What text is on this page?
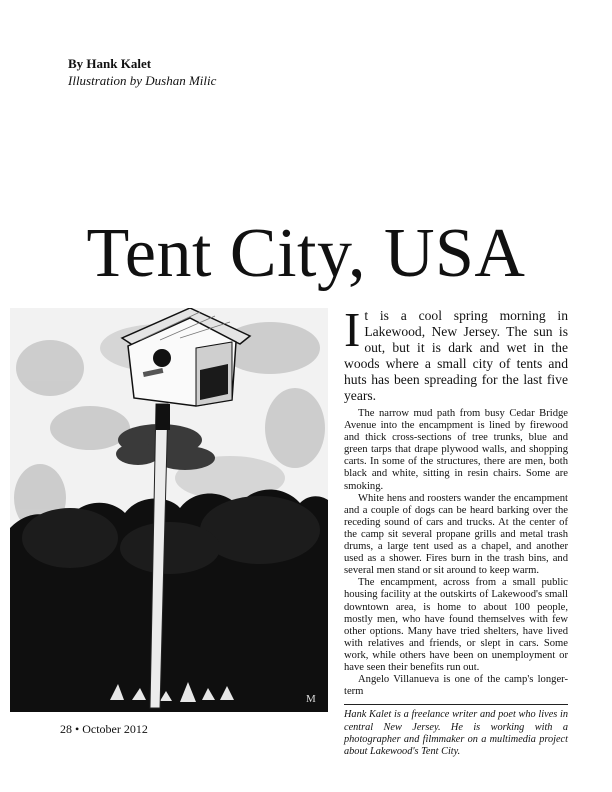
By Hank Kalet
Illustration by Dushan Milic
Tent City, USA
M

It is a cool spring morning in Lakewood, New Jersey. The sun is out, but it is dark and wet in the woods where a small city of tents and huts has been spreading for the last five years.

The narrow mud path from busy Cedar Bridge Avenue into the encampment is lined by firewood and thick cross-sections of tree trunks, blue and green tarps that drape plywood walls, and shopping carts. In some of the structures, there are men, both black and white, sitting in resin chairs. Some are smoking.

White hens and roosters wander the encampment and a couple of dogs can be heard barking over the receding sound of cars and trucks. At the center of the camp sit several propane grills and metal trash drums, a large tent used as a chapel, and another used as a shower. Fires burn in the trash bins, and several men stand or sit around to keep warm.

The encampment, across from a small public housing facility at the outskirts of Lakewood's small downtown area, is home to about 100 people, mostly men, who have found themselves with few other options. Many have tried shelters, have lived with relatives and friends, or slept in cars. Some work, while others have been on unemployment or have seen their benefits run out.

Angelo Villanueva is one of the camp's longer-term

Hank Kalet is a freelance writer and poet who lives in central New Jersey. He is working with a photographer and filmmaker on a multimedia project about Lakewood's Tent City.

28 • October 2012
